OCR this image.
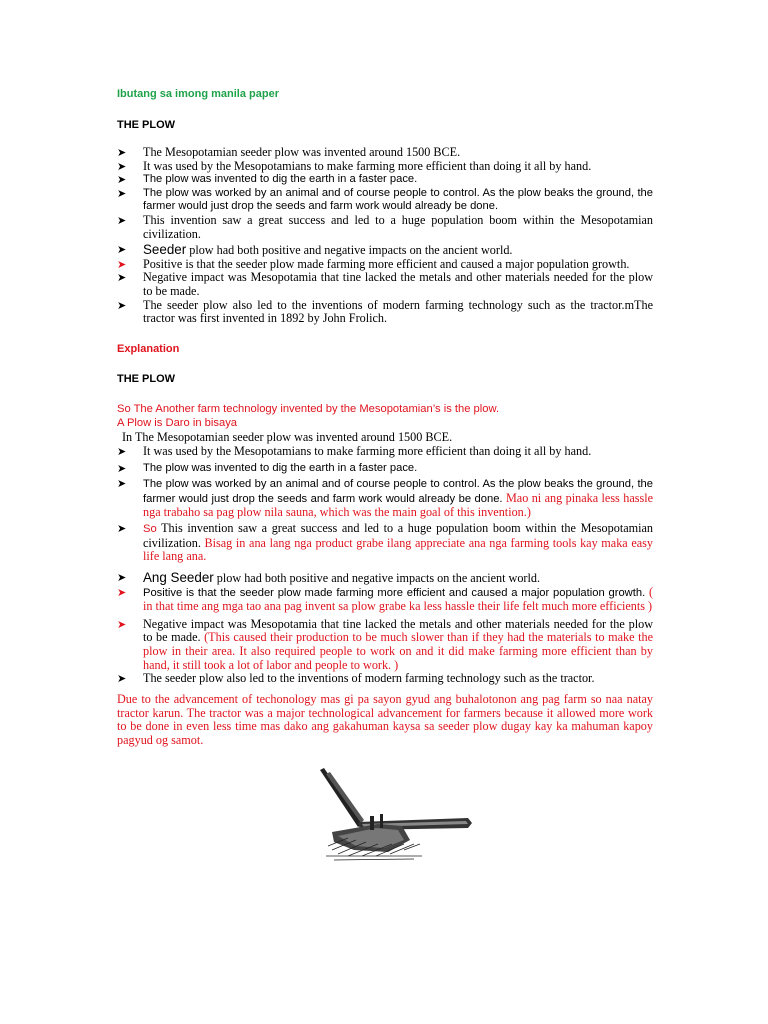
Ibutang sa imong manila paper
THE PLOW
➤ The Mesopotamian seeder plow was invented around 1500 BCE.
➤ It was used by the Mesopotamians to make farming more efficient than doing it all by hand.
➤ The plow was invented to dig the earth in a faster pace.
➤ The plow was worked by an animal and of course people to control. As the plow beaks the ground, the farmer would just drop the seeds and farm work would already be done.
➤ This invention saw a great success and led to a huge population boom within the Mesopotamian civilization.
➤ Seeder plow had both positive and negative impacts on the ancient world.
➤ Positive is that the seeder plow made farming more efficient and caused a major population growth.
➤ Negative impact was Mesopotamia that tine lacked the metals and other materials needed for the plow to be made.
➤ The seeder plow also led to the inventions of modern farming technology such as the tractor.mThe tractor was first invented in 1892 by John Frolich.
Explanation
THE PLOW
So The Another farm technology invented by the Mesopotamian’s is the plow.
A Plow is Daro in bisaya
In The Mesopotamian seeder plow was invented around 1500 BCE.
➤ It was used by the Mesopotamians to make farming more efficient than doing it all by hand.
➤ The plow was invented to dig the earth in a faster pace.
➤ The plow was worked by an animal and of course people to control. As the plow beaks the ground, the farmer would just drop the seeds and farm work would already be done. Mao ni ang pinaka less hassle nga trabaho sa pag plow nila sauna, which was the main goal of this invention.)
➤ So This invention saw a great success and led to a huge population boom within the Mesopotamian civilization. Bisag in ana lang nga product grabe ilang appreciate ana nga farming tools kay maka easy life lang ana.
➤ Ang Seeder plow had both positive and negative impacts on the ancient world.
➤ Positive is that the seeder plow made farming more efficient and caused a major population growth. ( in that time ang mga tao ana pag invent sa plow grabe ka less hassle their life felt much more efficients )
➤ Negative impact was Mesopotamia that tine lacked the metals and other materials needed for the plow to be made. (This caused their production to be much slower than if they had the materials to make the plow in their area. It also required people to work on and it did make farming more efficient than by hand, it still took a lot of labor and people to work. )
➤ The seeder plow also led to the inventions of modern farming technology such as the tractor.
Due to the advancement of techonology mas gi pa sayon gyud ang buhalotonon ang pag farm so naa natay tractor karun. The tractor was a major technological advancement for farmers because it allowed more work to be done in even less time mas dako ang gakahuman kaysa sa seeder plow dugay kay ka mahuman kapoy pagyud og samot.
